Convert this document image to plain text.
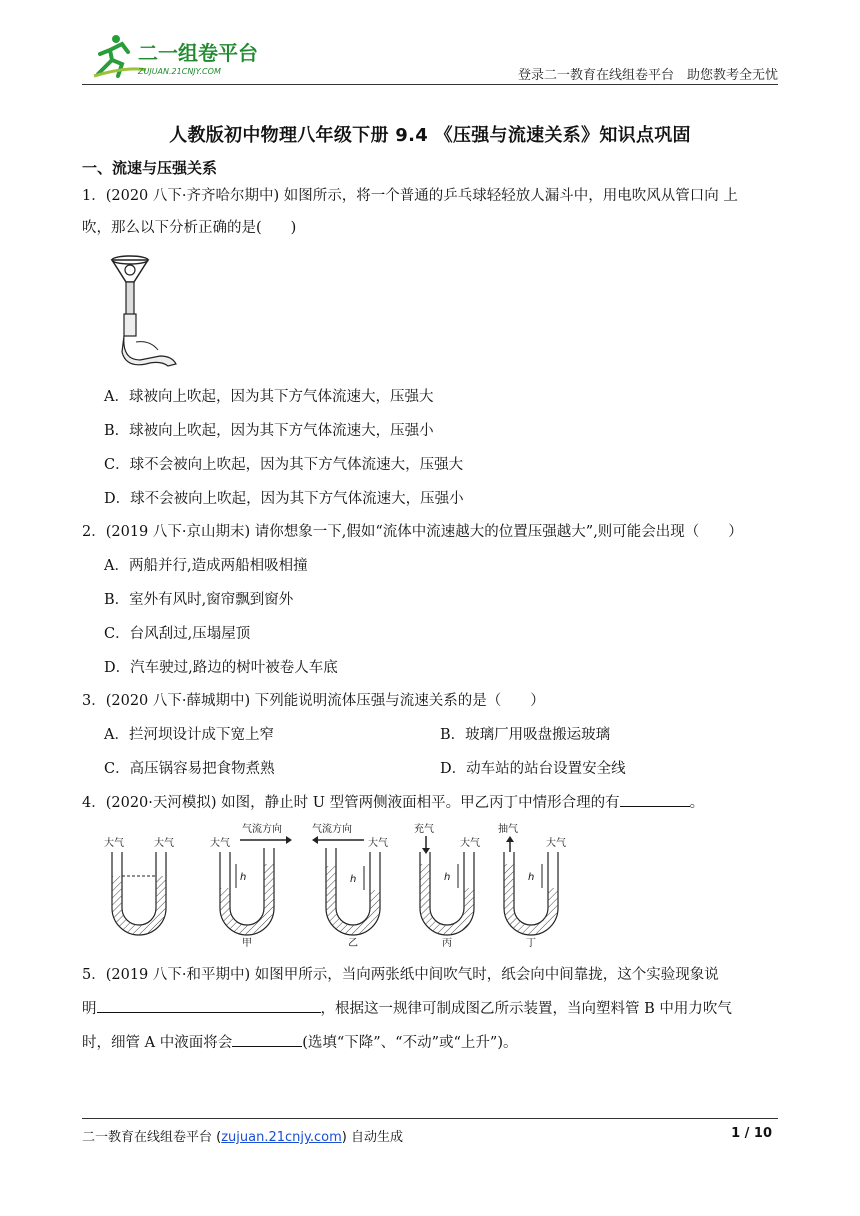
二一组卷平台
ZUJUAN.21CNJY.COM	登录二一教育在线组卷平台　助您教考全无忧
人教版初中物理八年级下册 9.4 《压强与流速关系》知识点巩固
一、流速与压强关系
1．(2020 八下·齐齐哈尔期中) 如图所示，将一个普通的乒乓球轻轻放人漏斗中，用电吹风从管口向 上
吹，那么以下分析正确的是(　　)
A．球被向上吹起，因为其下方气体流速大，压强大
B．球被向上吹起，因为其下方气体流速大，压强小
C．球不会被向上吹起，因为其下方气体流速大，压强大
D．球不会被向上吹起，因为其下方气体流速大，压强小
2．(2019 八下·京山期末) 请你想象一下,假如“流体中流速越大的位置压强越大”,则可能会出现（　　）
A．两船并行,造成两船相吸相撞
B．室外有风时,窗帘飘到窗外
C．台风刮过,压塌屋顶
D．汽车驶过,路边的树叶被卷人车底
3．(2020 八下·薛城期中) 下列能说明流体压强与流速关系的是（　　）
A．拦河坝设计成下宽上窄	B．玻璃厂用吸盘搬运玻璃
C．高压锅容易把食物煮熟	D．动车站的站台设置安全线
4．(2020·天河模拟) 如图，静止时 U 型管两侧液面相平。甲乙丙丁中情形合理的有	。
大气	大气	大气
气流方向
h
甲
气流方向
大气
h
乙
充气
大气
h
丙
抽气
大气
h
丁
5．(2019 八下·和平期中) 如图甲所示，当向两张纸中间吹气时，纸会向中间靠拢，这个实验现象说
明	，根据这一规律可制成图乙所示装置，当向塑料管 B 中用力吹气
时，细管 A 中液面将会	(选填“下降”、“不动”或“上升”)。
二一教育在线组卷平台 (zujuan.21cnjy.com) 自动生成	1 / 10
